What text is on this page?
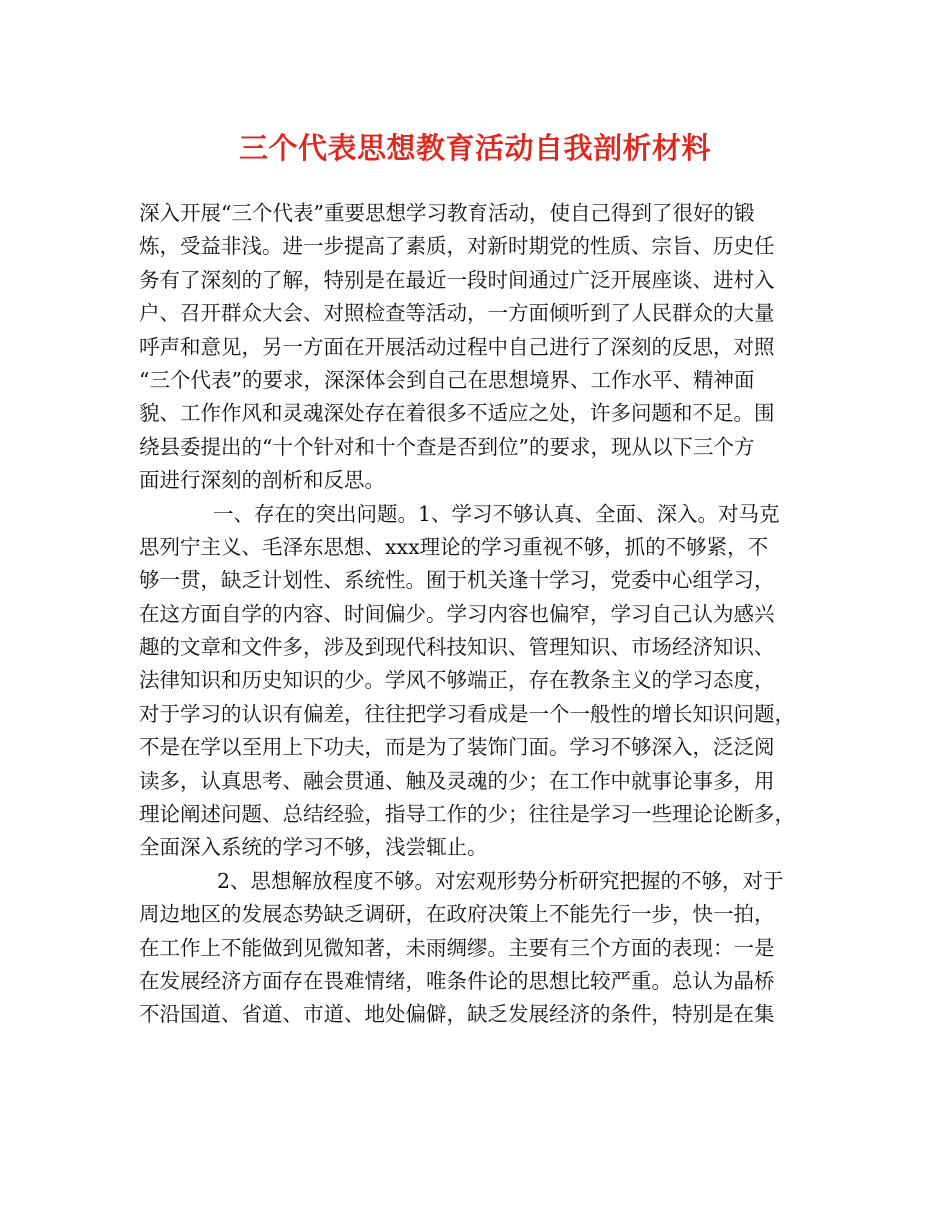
三个代表思想教育活动自我剖析材料
深入开展“三个代表”重要思想学习教育活动，使自己得到了很好的锻
炼，受益非浅。进一步提高了素质，对新时期党的性质、宗旨、历史任
务有了深刻的了解，特别是在最近一段时间通过广泛开展座谈、进村入
户、召开群众大会、对照检查等活动，一方面倾听到了人民群众的大量
呼声和意见，另一方面在开展活动过程中自己进行了深刻的反思，对照
“三个代表”的要求，深深体会到自己在思想境界、工作水平、精神面
貌、工作作风和灵魂深处存在着很多不适应之处，许多问题和不足。围
绕县委提出的“十个针对和十个查是否到位”的要求，现从以下三个方
面进行深刻的剖析和反思。
一、存在的突出问题。1、学习不够认真、全面、深入。对马克
思列宁主义、毛泽东思想、xxx理论的学习重视不够，抓的不够紧，不
够一贯，缺乏计划性、系统性。囿于机关逢十学习，党委中心组学习，
在这方面自学的内容、时间偏少。学习内容也偏窄，学习自己认为感兴
趣的文章和文件多，涉及到现代科技知识、管理知识、市场经济知识、
法律知识和历史知识的少。学风不够端正，存在教条主义的学习态度，
对于学习的认识有偏差，往往把学习看成是一个一般性的增长知识问题，
不是在学以至用上下功夫，而是为了装饰门面。学习不够深入，泛泛阅
读多，认真思考、融会贯通、触及灵魂的少；在工作中就事论事多，用
理论阐述问题、总结经验，指导工作的少；往往是学习一些理论论断多，
全面深入系统的学习不够，浅尝辄止。
2、思想解放程度不够。对宏观形势分析研究把握的不够，对于
周边地区的发展态势缺乏调研，在政府决策上不能先行一步，快一拍，
在工作上不能做到见微知著，未雨绸缪。主要有三个方面的表现：一是
在发展经济方面存在畏难情绪，唯条件论的思想比较严重。总认为晶桥
不沿国道、省道、市道、地处偏僻，缺乏发展经济的条件，特别是在集
